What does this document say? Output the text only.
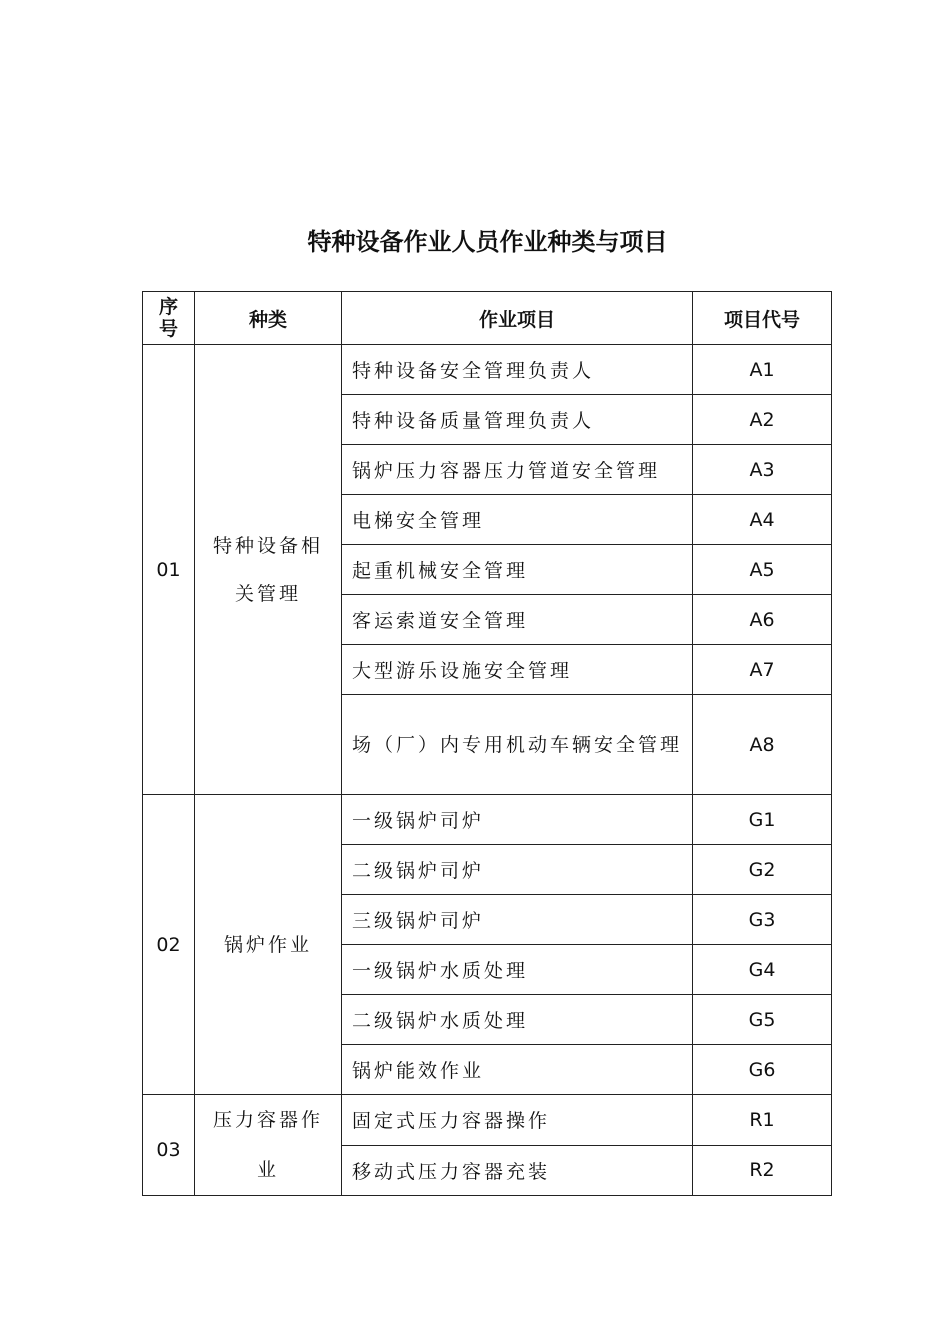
特种设备作业人员作业种类与项目
序号	种类	作业项目	项目代号
01	特种设备相关管理	特种设备安全管理负责人	A1
		特种设备质量管理负责人	A2
		锅炉压力容器压力管道安全管理	A3
		电梯安全管理	A4
		起重机械安全管理	A5
		客运索道安全管理	A6
		大型游乐设施安全管理	A7
		场（厂）内专用机动车辆安全管理	A8
02	锅炉作业	一级锅炉司炉	G1
		二级锅炉司炉	G2
		三级锅炉司炉	G3
		一级锅炉水质处理	G4
		二级锅炉水质处理	G5
		锅炉能效作业	G6
03	压力容器作业	固定式压力容器操作	R1
		移动式压力容器充装	R2
